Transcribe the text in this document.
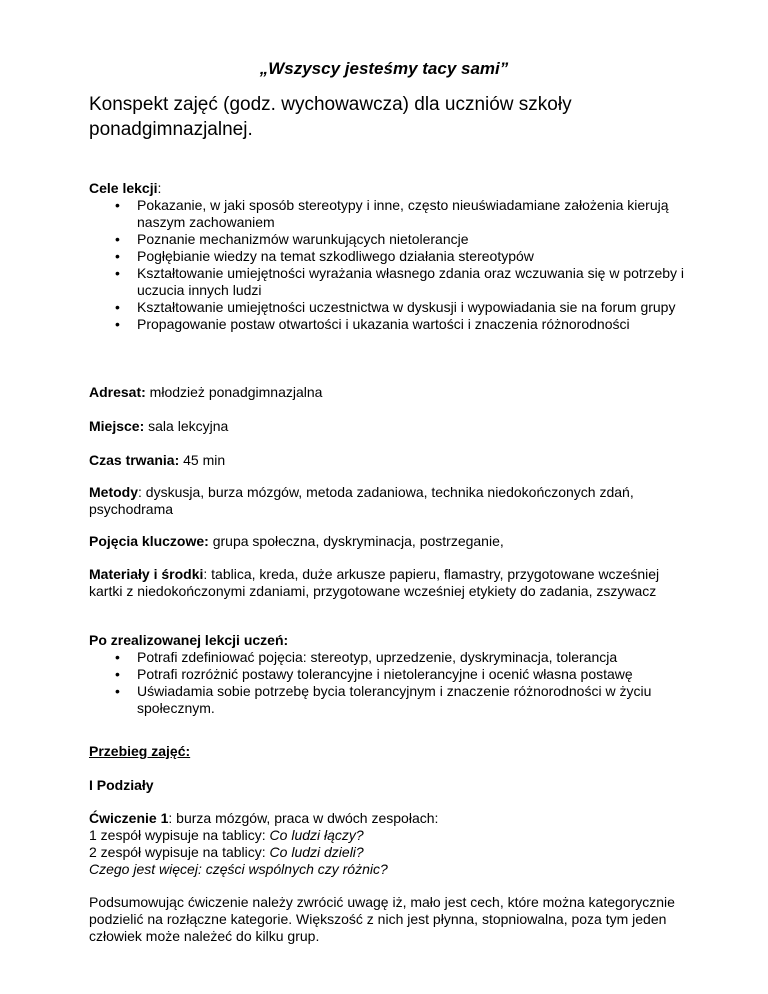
„Wszyscy jesteśmy tacy sami”
Konspekt zajęć (godz. wychowawcza) dla uczniów szkoły ponadgimnazjalnej.
Cele lekcji:
• Pokazanie, w jaki sposób stereotypy i inne, często nieuświadamiane założenia kierują naszym zachowaniem
• Poznanie mechanizmów warunkujących nietolerancje
• Pogłębianie wiedzy na temat szkodliwego działania stereotypów
• Kształtowanie umiejętności wyrażania własnego zdania oraz wczuwania się w potrzeby i uczucia innych ludzi
• Kształtowanie umiejętności uczestnictwa w dyskusji i wypowiadania sie na forum grupy
• Propagowanie postaw otwartości i ukazania wartości i znaczenia różnorodności
Adresat: młodzież ponadgimnazjalna
Miejsce: sala lekcyjna
Czas trwania: 45 min
Metody: dyskusja, burza mózgów, metoda zadaniowa, technika niedokończonych zdań, psychodrama
Pojęcia kluczowe: grupa społeczna, dyskryminacja, postrzeganie,
Materiały i środki: tablica, kreda, duże arkusze papieru, flamastry, przygotowane wcześniej kartki z niedokończonymi zdaniami, przygotowane wcześniej etykiety do zadania, zszywacz
Po zrealizowanej lekcji uczeń:
• Potrafi zdefiniować pojęcia: stereotyp, uprzedzenie, dyskryminacja, tolerancja
• Potrafi rozróżnić postawy tolerancyjne i nietolerancyjne i ocenić własna postawę
• Uświadamia sobie potrzebę bycia tolerancyjnym i znaczenie różnorodności w życiu społecznym.
Przebieg zajęć:
I Podziały
Ćwiczenie 1: burza mózgów, praca w dwóch zespołach:
1 zespół wypisuje na tablicy: Co ludzi łączy?
2 zespół wypisuje na tablicy: Co ludzi dzieli?
Czego jest więcej: części wspólnych czy różnic?
Podsumowując ćwiczenie należy zwrócić uwagę iż, mało jest cech, które można kategorycznie podzielić na rozłączne kategorie. Większość z nich jest płynna, stopniowalna, poza tym jeden człowiek może należeć do kilku grup.
